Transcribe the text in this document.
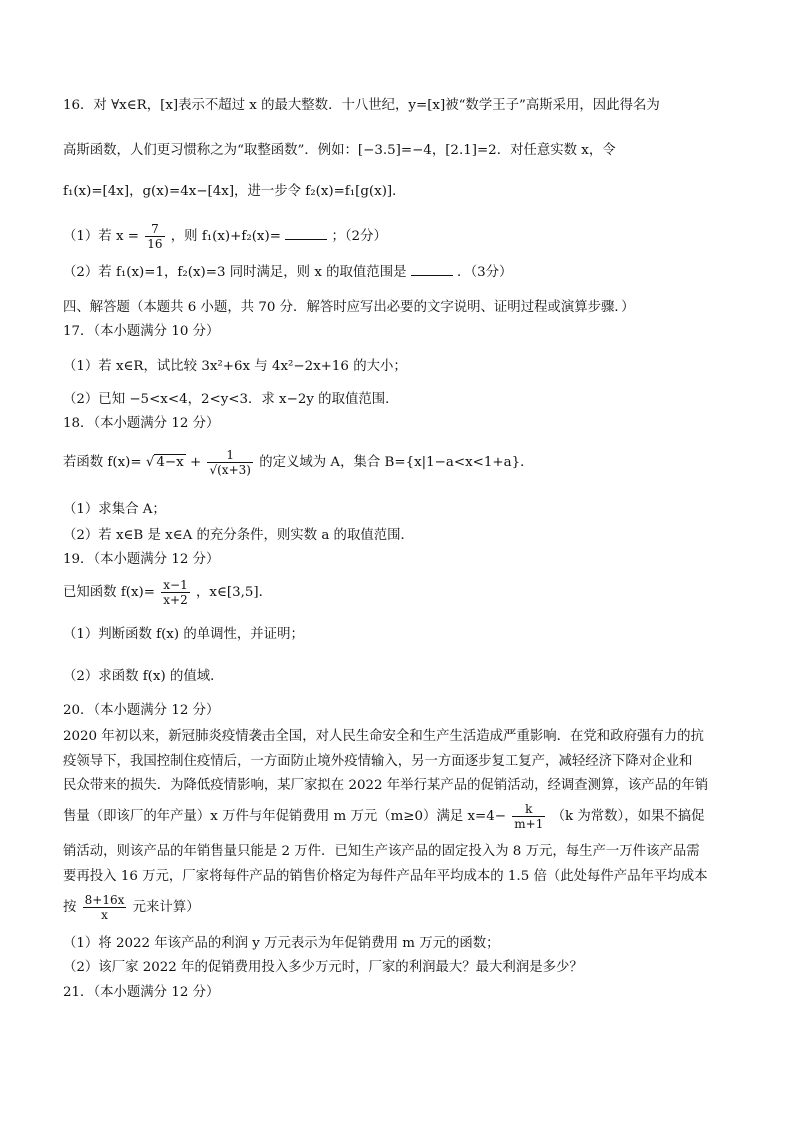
16．对 ∀x∈R，[x]表示不超过 x 的最大整数．十八世纪，y=[x]被“数学王子”高斯采用，因此得名为
高斯函数，人们更习惯称之为“取整函数”．例如：[−3.5]=−4，[2.1]=2．对任意实数 x，令
f₁(x)=[4x]，g(x)=4x−[4x]，进一步令 f₂(x)=f₁[g(x)]．
（1）若 $x = \frac{7}{16}$ ，则 f₁(x)+f₂(x)=	；（2分）
（2）若 f₁(x)=1，f₂(x)=3 同时满足，则 x 的取值范围是	．（3分）
四、解答题（本题共 6 小题，共 70 分．解答时应写出必要的文字说明、证明过程或演算步骤．）
17．（本小题满分 10 分）
（1）若 x∈R，试比较 3x²+6x 与 4x²−2x+16 的大小；
（2）已知 −5<x<4，2<y<3．求 x−2y 的取值范围．
18．（本小题满分 12 分）
若函数 f(x)= √ $4-x + \frac{1}{√(x+3)}$ 的定义域为 A，集合 B={x|1−a<x<1+a}．
（1）求集合 A；
（2）若 x∈B 是 x∈A 的充分条件，则实数 a 的取值范围．
19．（本小题满分 12 分）
已知函数 $f(x)= \frac{x-1}{x+2}$ ，x∈[3,5]．
（1）判断函数 f(x) 的单调性，并证明；
（2）求函数 f(x) 的值域．
20．（本小题满分 12 分）
2020 年初以来，新冠肺炎疫情袭击全国，对人民生命安全和生产生活造成严重影响．在党和政府强有力的抗
疫领导下，我国控制住疫情后，一方面防止境外疫情输入，另一方面逐步复工复产，减轻经济下降对企业和
民众带来的损失．为降低疫情影响，某厂家拟在 2022 年举行某产品的促销活动，经调查测算，该产品的年销
售量（即该厂的年产量）x 万件与年促销费用 m 万元（m≥0）满足 $x=4- \frac{k}{m+1} (k$ 为常数），如果不搞促
销活动，则该产品的年销售量只能是 2 万件．已知生产该产品的固定投入为 8 万元，每生产一万件该产品需
要再投入 16 万元，厂家将每件产品的销售价格定为每件产品年平均成本的 1.5 倍（此处每件产品年平均成本
按 $\frac{8+16x}{x}$ 元来计算）
（1）将 2022 年该产品的利润 y 万元表示为年促销费用 m 万元的函数；
（2）该厂家 2022 年的促销费用投入多少万元时，厂家的利润最大？最大利润是多少？
21．（本小题满分 12 分）
